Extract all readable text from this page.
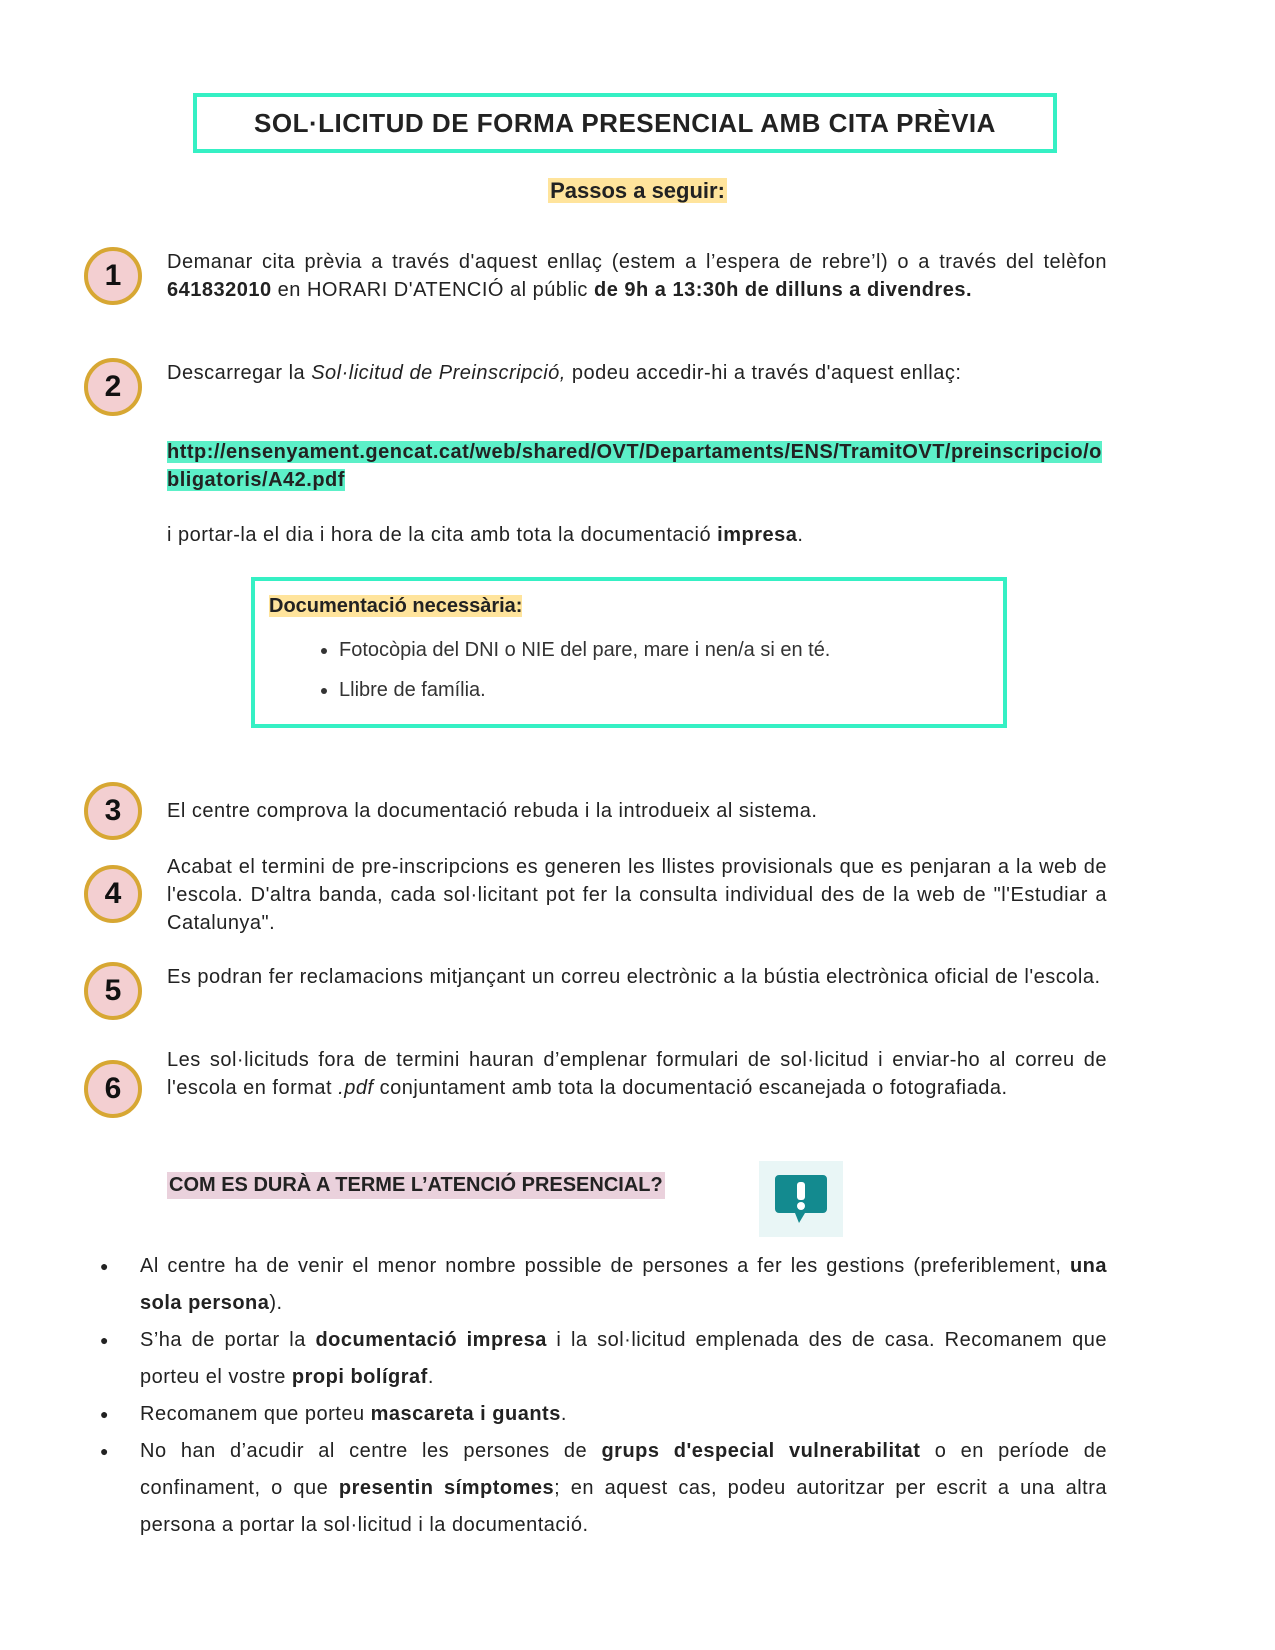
SOL·LICITUD DE FORMA PRESENCIAL AMB CITA PRÈVIA
Passos a seguir:
1	Demanar cita prèvia a través d'aquest enllaç (estem a l’espera de rebre’l) o a través del telèfon 641832010 en HORARI D'ATENCIÓ al públic de 9h a 13:30h de dilluns a divendres.
2	Descarregar la Sol·licitud de Preinscripció, podeu accedir-hi a través d'aquest enllaç:
http://ensenyament.gencat.cat/web/shared/OVT/Departaments/ENS/TramitOVT/preinscripcio/obligatoris/A42.pdf
i portar-la el dia i hora de la cita amb tota la documentació impresa.
Documentació necessària:
• Fotocòpia del DNI o NIE del pare, mare i nen/a si en té.
• Llibre de família.
3	El centre comprova la documentació rebuda i la introdueix al sistema.
4
Acabat el termini de pre-inscripcions es generen les llistes provisionals que es penjaran a la web de l'escola. D'altra banda, cada sol·licitant pot fer la consulta individual des de la web de "l'Estudiar a Catalunya".
5	Es podran fer reclamacions mitjançant un correu electrònic a la bústia electrònica oficial de l'escola.
6
Les sol·licituds fora de termini hauran d’emplenar formulari de sol·licitud i enviar-ho al correu de l'escola en format .pdf conjuntament amb tota la documentació escanejada o fotografiada.
COM ES DURÀ A TERME L’ATENCIÓ PRESENCIAL?
● Al centre ha de venir el menor nombre possible de persones a fer les gestions (preferiblement, una sola persona).
● S’ha de portar la documentació impresa i la sol·licitud emplenada des de casa. Recomanem que porteu el vostre propi bolígraf.
● Recomanem que porteu mascareta i guants.
● No han d’acudir al centre les persones de grups d'especial vulnerabilitat o en període de confinament, o que presentin símptomes; en aquest cas, podeu autoritzar per escrit a una altra persona a portar la sol·licitud i la documentació.
